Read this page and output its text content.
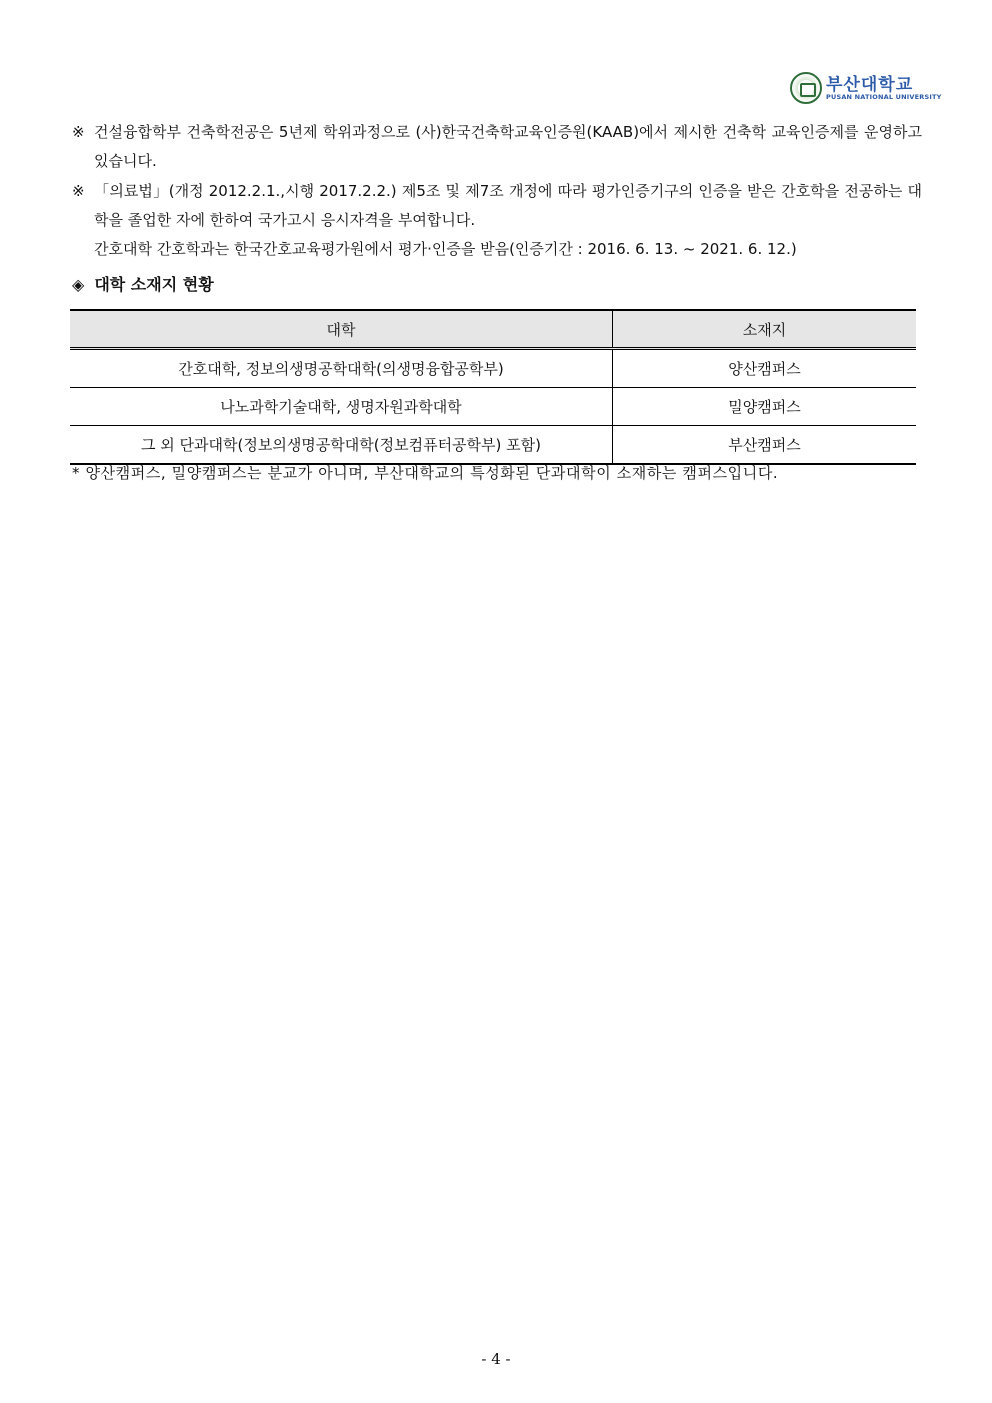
부산대학교
PUSAN NATIONAL UNIVERSITY
※ 건설융합학부 건축학전공은 5년제 학위과정으로 (사)한국건축학교육인증원(KAAB)에서 제시한 건축학 교육인증제를 운영하고 있습니다.
※ 「의료법」(개정 2012.2.1.,시행 2017.2.2.) 제5조 및 제7조 개정에 따라 평가인증기구의 인증을 받은 간호학을 전공하는 대학을 졸업한 자에 한하여 국가고시 응시자격을 부여합니다.
간호대학 간호학과는 한국간호교육평가원에서 평가·인증을 받음(인증기간 : 2016. 6. 13. ~ 2021. 6. 12.)
◈ 대학 소재지 현황
대학	소재지
간호대학, 정보의생명공학대학(의생명융합공학부)	양산캠퍼스
나노과학기술대학, 생명자원과학대학	밀양캠퍼스
그 외 단과대학(정보의생명공학대학(정보컴퓨터공학부) 포함)	부산캠퍼스
* 양산캠퍼스, 밀양캠퍼스는 분교가 아니며, 부산대학교의 특성화된 단과대학이 소재하는 캠퍼스입니다.
- 4 -
